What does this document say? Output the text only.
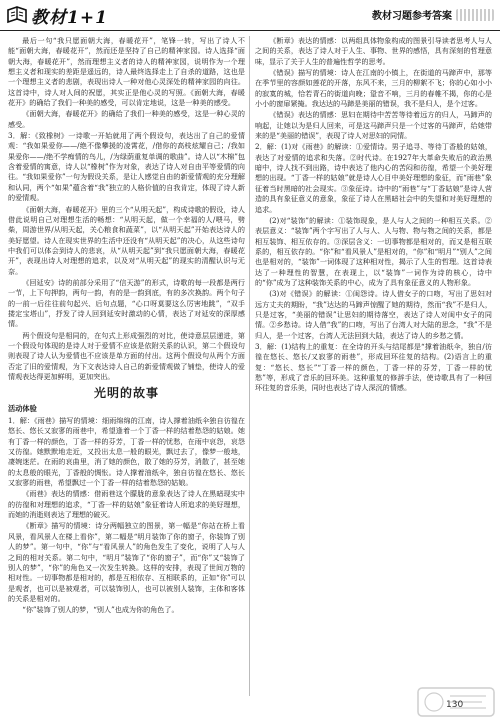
教材1+1	教材习题参考答案

最后一句“我只愿面朝大海，春暖花开”，笔锋一转，写出了诗人不能“面朝大海，春暖花开”，然而还是坚持了自己的精神家园。诗人选择“面朝大海，春暖花开”，然而理想主义者的诗人的精神家园，说明作为一个理想主义者和现实的差距是遥远的，诗人最终选择走上了自杀的道路，这也是一个理想主义者的悲剧，表现出诗人一种对他心灵深处的精神家园的向往。这首诗中，诗人对人间的祝愿，其实正是他心灵的写照。《面朝大海，春暖花开》的确给了我们一种美的感受，可以肯定地说，这是一种美的感受。

《面朝大海，春暖花开》的确给了我们一种美的感受，这是一种心灵的感受。

3．解：《致橡树》一诗歌一开始就用了两个假设句，表达出了自己的爱情观：“我如果爱你——/绝不像攀援的凌霄花，/借你的高枝炫耀自己；/我如果爱你——/绝不学痴情的鸟儿，/为绿荫重复单调的歌曲”。诗人以“木棉”包含着爱情的寓意，诗人以“橡树”作为对象，表达了诗人对自由平等爱情的向往。“我如果爱你”一句为假设关系，是让人感觉自由的新爱情观的充分理解和认同，两个“如果”蕴含着“我”独立的人格价值的自我肯定，体现了诗人新的爱情观。

《面朝大海，春暖花开》里的三个“从明天起”，构成诗歌的假设，诗人借此说明自己对理想生活的畅想：“从明天起，做一个幸福的人/喂马，劈柴，周游世界/从明天起，关心粮食和蔬菜”，以“从明天起”开始表达诗人的美好愿望。诗人在现实世界的生活中还没有“从明天起”的决心，从这些诗句中我们可以体会到诗人的悲哀，从“从明天起”到“我只愿面朝大海，春暖花开”，表现出诗人对理想的追求，以及对“从明天起”的现实的清醒认识与无奈。

《回延安》诗的前部分采用了“信天游”的形式，诗歌的每一段都是两行一节，上下句押韵，两句一韵，有的是一韵到底，有的多次换韵。两个句子的一前一后往往前句起兴、后句点题，“心口呀莫要这么厉害地跳”，“双手搂定宝塔山”，抒发了诗人回到延安时激动的心情，表达了对延安的深厚感情。

两个假设句是相同的，在句式上形成强烈的对比，使诗意层层递进，第一个假设句体现的是诗人对于爱情不应该是依附关系的认识，第二个假设句则表现了诗人认为爱情也不应该是单方面的付出。这两个假设句从两个方面否定了旧的爱情观，为下文表达诗人自己的新爱情观做了铺垫，使诗人的爱情观表达得更加鲜明，更加突出。

光明的故事
活动体验

1．解：《雨巷》描写的情境：细雨绵绵的江南，诗人撑着油纸伞独自彷徨在悠长、悠长又寂寥的雨巷中，希望逢着一个丁香一样的结着愁怨的姑娘。她有丁香一样的颜色，丁香一样的芬芳，丁香一样的忧愁，在雨中哀怨，哀怨又彷徨。她默默地走近，又投出太息一般的眼光，飘过去了，像梦一般地，凄婉迷茫。在雨的哀曲里，消了她的颜色，散了她的芬芳，消散了，甚至她的太息般的眼光，丁香般的惆怅。诗人撑着油纸伞，独自彷徨在悠长、悠长又寂寥的雨巷，希望飘过一个丁香一样的结着愁怨的姑娘。

《雨巷》表达的情感：借雨巷这个朦胧的意象表达了诗人在黑暗现实中的彷徨和对理想的追求，“丁香一样的姑娘”象征着诗人所追求的美好理想，而她的消逝则表达了理想的破灭。

《断章》描写的情境：诗分两幅独立的图景，第一幅是“你站在桥上看风景，看风景人在楼上看你”，第二幅是“明月装饰了你的窗子，你装饰了别人的梦”。第一句中，“你”与“看风景人”的角色发生了变化，说明了人与人之间的相对关系。第二句中，“明月”装饰了“你的窗子”，而“你”又“装饰了别人的梦”，“你”的角色又一次发生转换。这样的安排，表现了世间万物的相对性。一切事物都是相对的，都是互相依存、互相联系的，正如“你”可以是观者，也可以是被观者，可以装饰别人，也可以被别人装饰，主体和客体的关系是相对的。

“你”装饰了别人的梦，“别人”也成为你的角色了。

《断章》表达的情感：以两组具体物象构成的图景引导读者思考人与人之间的关系，表达了诗人对于人生、事物、世界的感悟，具有深刻的哲理意味，显示了关于人生的普遍性哲学的思考。

《错误》描写的情境：诗人在江南的小镇上，在街道的马蹄声中，那等在季节里的容颜如莲花的开落，东风不来，三月的柳絮不飞；你的心如小小的寂寞的城，恰若青石的街道向晚；跫音不响，三月的春帷不揭，你的心是小小的窗扉紧掩。我达达的马蹄是美丽的错误，我不是归人，是个过客。

《错误》表达的情感：思妇在期待中苦苦等待着远方的归人，马蹄声的响起，让她以为是归人回来，可是这马蹄声只是一个过客的马蹄声，给她带来的是“美丽的错误”，表现了诗人对思妇的同情。

2．解：(1)对《雨巷》的解读：①爱情诗。男子追寻、等待丁香般的姑娘，表达了对爱情的追求和失落。②时代诗。在1927年大革命失败后的政治黑暗中，诗人找不到出路，诗中表达了他内心的苦闷和彷徨，希望一个美好理想的出现。“丁香一样的姑娘”就是诗人心目中美好理想的象征，而“雨巷”象征着当时黑暗的社会现实。③象征诗。诗中的“雨巷”与“丁香姑娘”是诗人营造的具有象征意义的意象，象征了诗人在黑暗社会中的失望和对美好理想的追求。

(2)对“装饰”的解读：①装饰现象，是人与人之间的一种相互关系。②表层意义：“装饰”两个字写出了人与人、人与物、物与物之间的关系，都是相互装饰、相互依存的。③深层含义：一切事物都是相对的，而又是相互联系的，相互依存的。“你”和“看风景人”是相对的，“你”和“明月”“别人”之间也是相对的，“装饰”一词体现了这种相对性，揭示了人生的哲理。这首诗表达了一种理性的智慧，在表现上，以“装饰”一词作为诗的核心，诗中的“你”成为了这种装饰关系的中心，成为了具有象征意义的人物形象。

(3)对《错误》的解读：①闺怨诗。诗人借女子的口吻，写出了思妇对远方丈夫的期盼，“我”达达的马蹄声惊醒了她的期待，然而“我”不是归人，只是过客，“美丽的错误”让思妇的期待落空，表达了诗人对闺中女子的同情。②乡愁诗。诗人借“我”的口吻，写出了台湾人对大陆的思念，“我”不是归人，是一个过客，台湾人无法回到大陆，表达了诗人的乡愁之情。

3．解：(1)结构上的重复：在全诗的开头与结尾都是“撑着油纸伞，独自/彷徨在悠长、悠长/又寂寥的雨巷”，形成回环往复的结构。(2)语言上的重复：“悠长、悠长”“丁香一样的颜色，丁香一样的芬芳，丁香一样的忧愁”等，形成了音乐的回环美。这种重复的修辞手法，使诗歌具有了一种回环往复的音乐美，同时也表达了诗人深沉的情感。

130
